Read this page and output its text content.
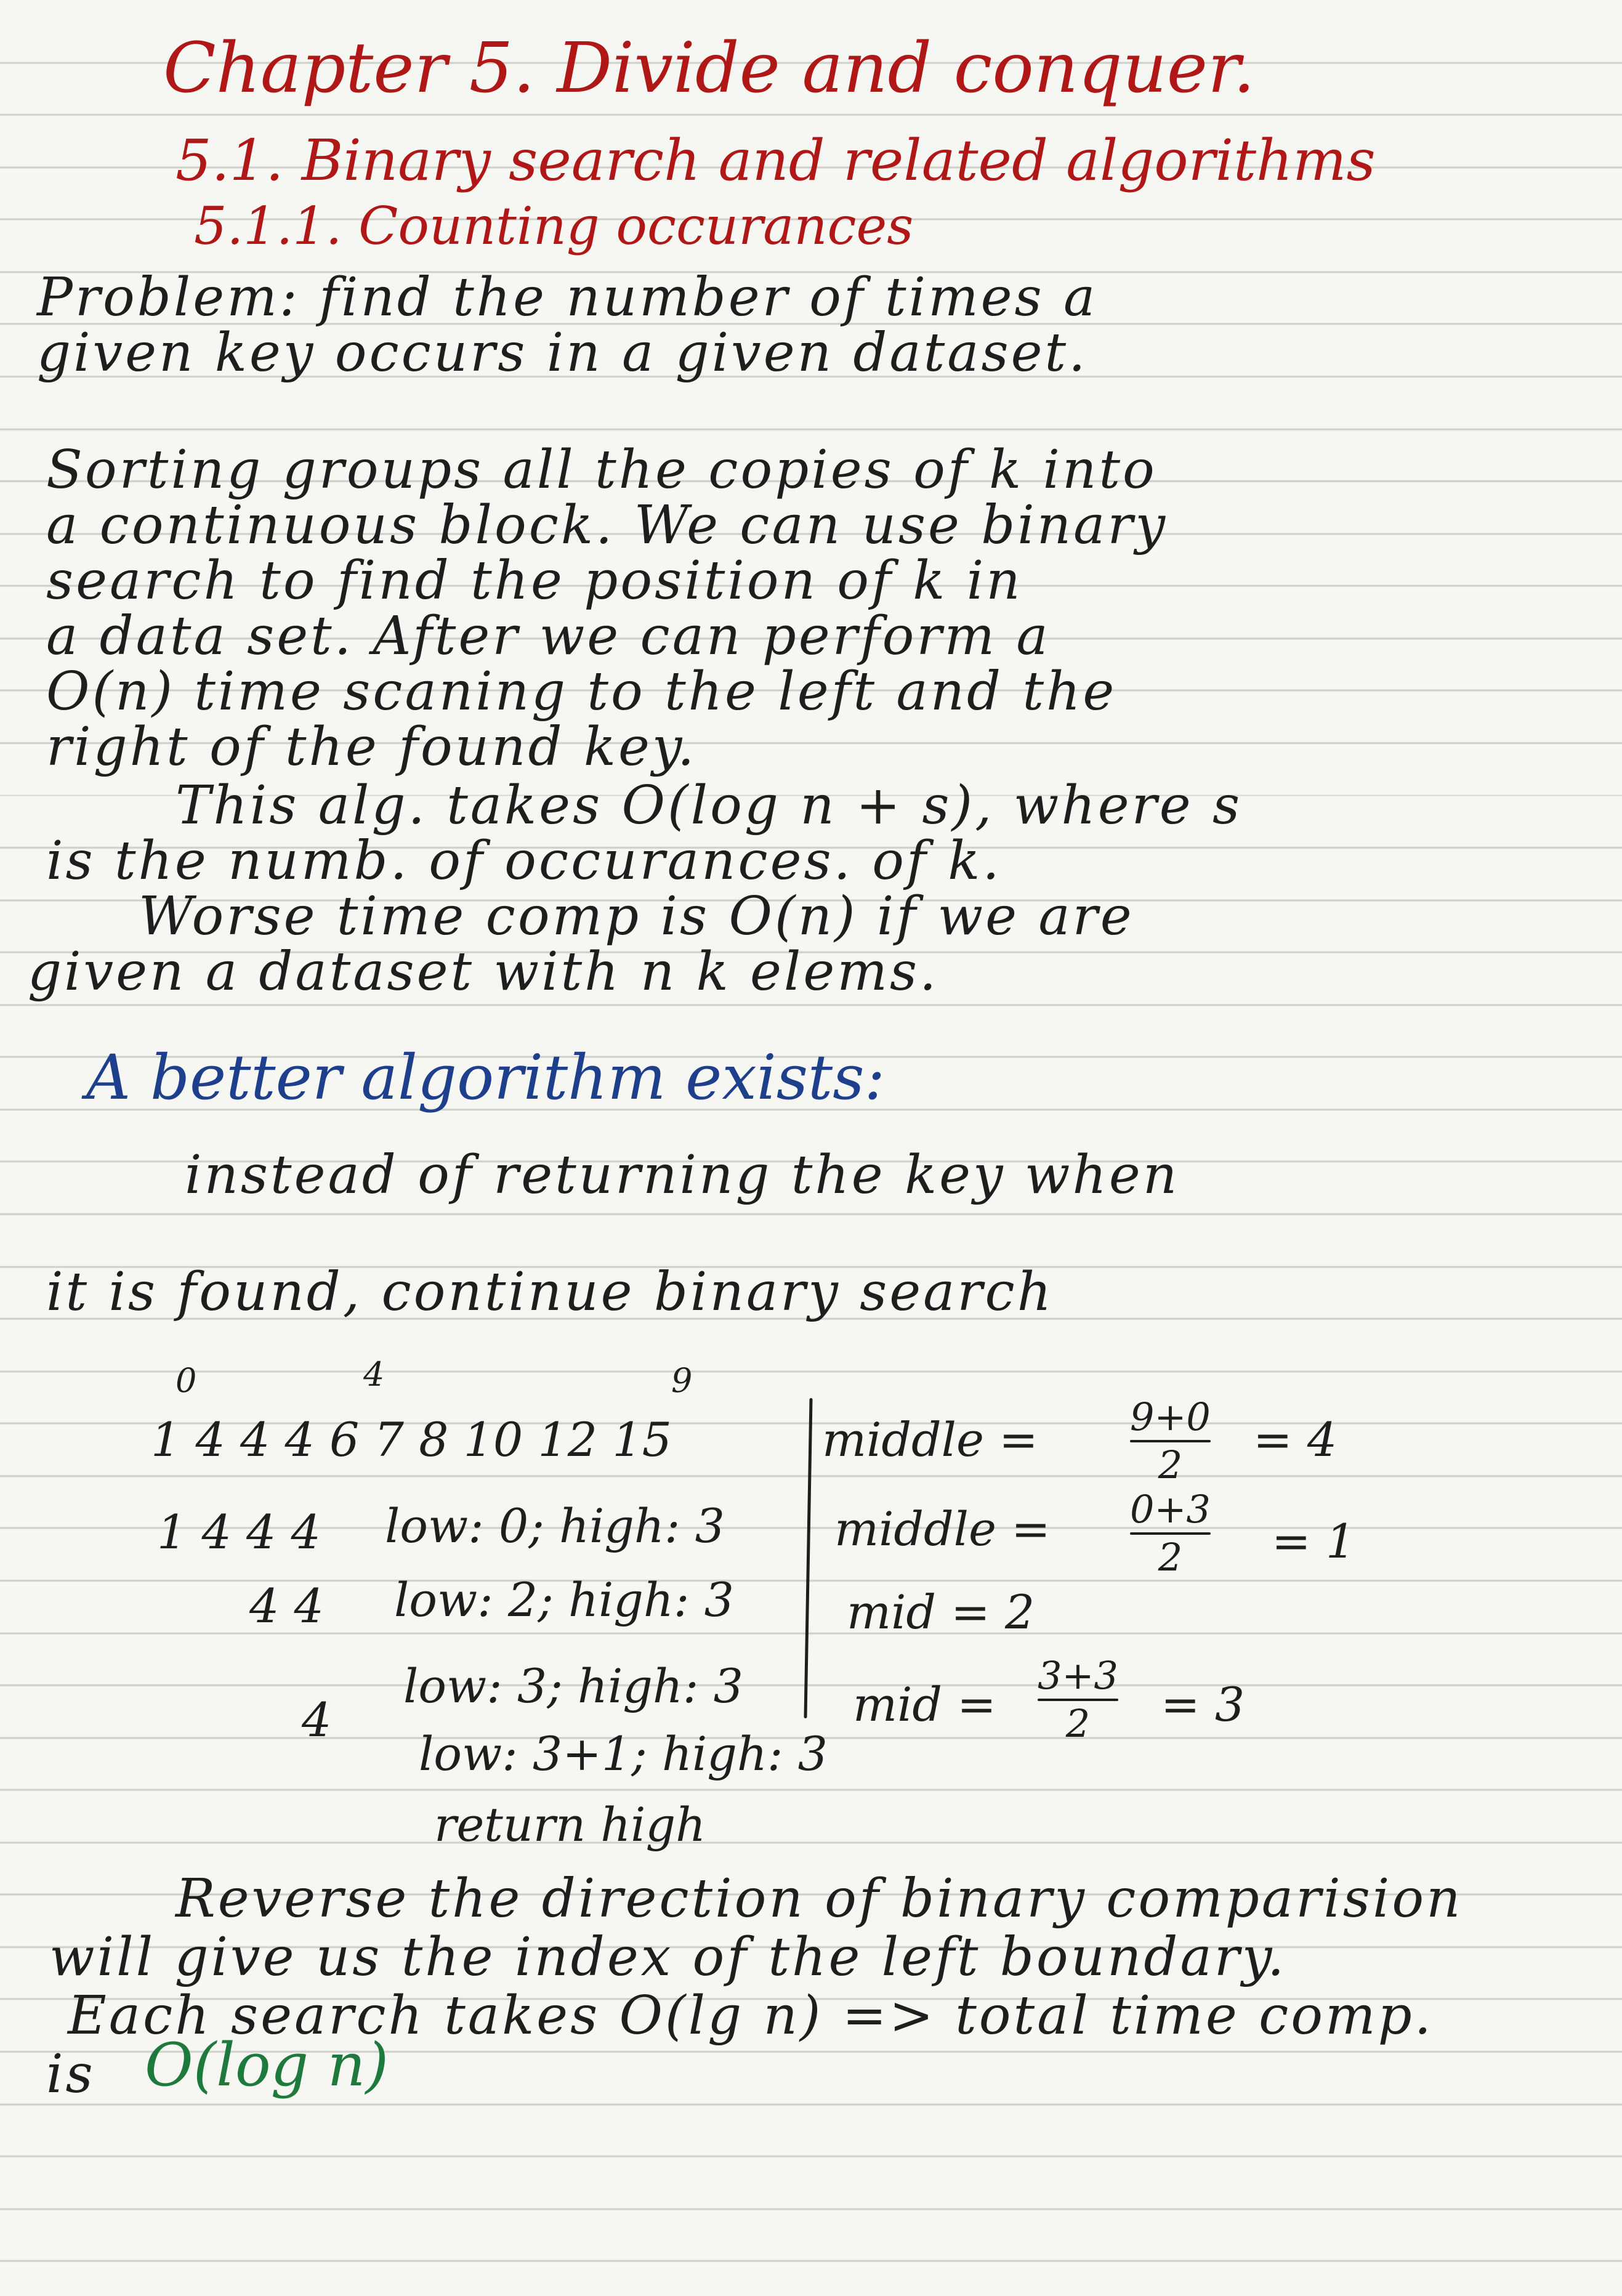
Chapter 5. Divide and conquer.
5.1. Binary search and related algorithms
5.1.1. Counting occurances
Problem: find the number of times a
given key occurs in a given dataset.
Sorting groups all the copies of k into
a continuous block. We can use binary
search to find the position of k in
a data set. After we can perform a
O(n) time scaning to the left and the
right of the found key.
This alg. takes O(log n + s), where s
is the numb. of occurances. of k.
Worse time comp is O(n) if we are
given a dataset with n k elems.
A better algorithm exists:
instead of returning the key when
it is found, continue binary search
0	4	9
1 4 4 4 6 7 8 10 12 15
1 4 4 4 low: 0; high: 3
4 4 low: 2; high: 3
4
low: 3; high: 3
low: 3+1; high: 3
return high
middle = 9+0
2 = 4
middle = 0+3
2 = 1
mid = 2
mid =
3+3
2 = 3
Reverse the direction of binary comparision
will give us the index of the left boundary.
Each search takes O(lg n) => total time comp.
is O(log n)
